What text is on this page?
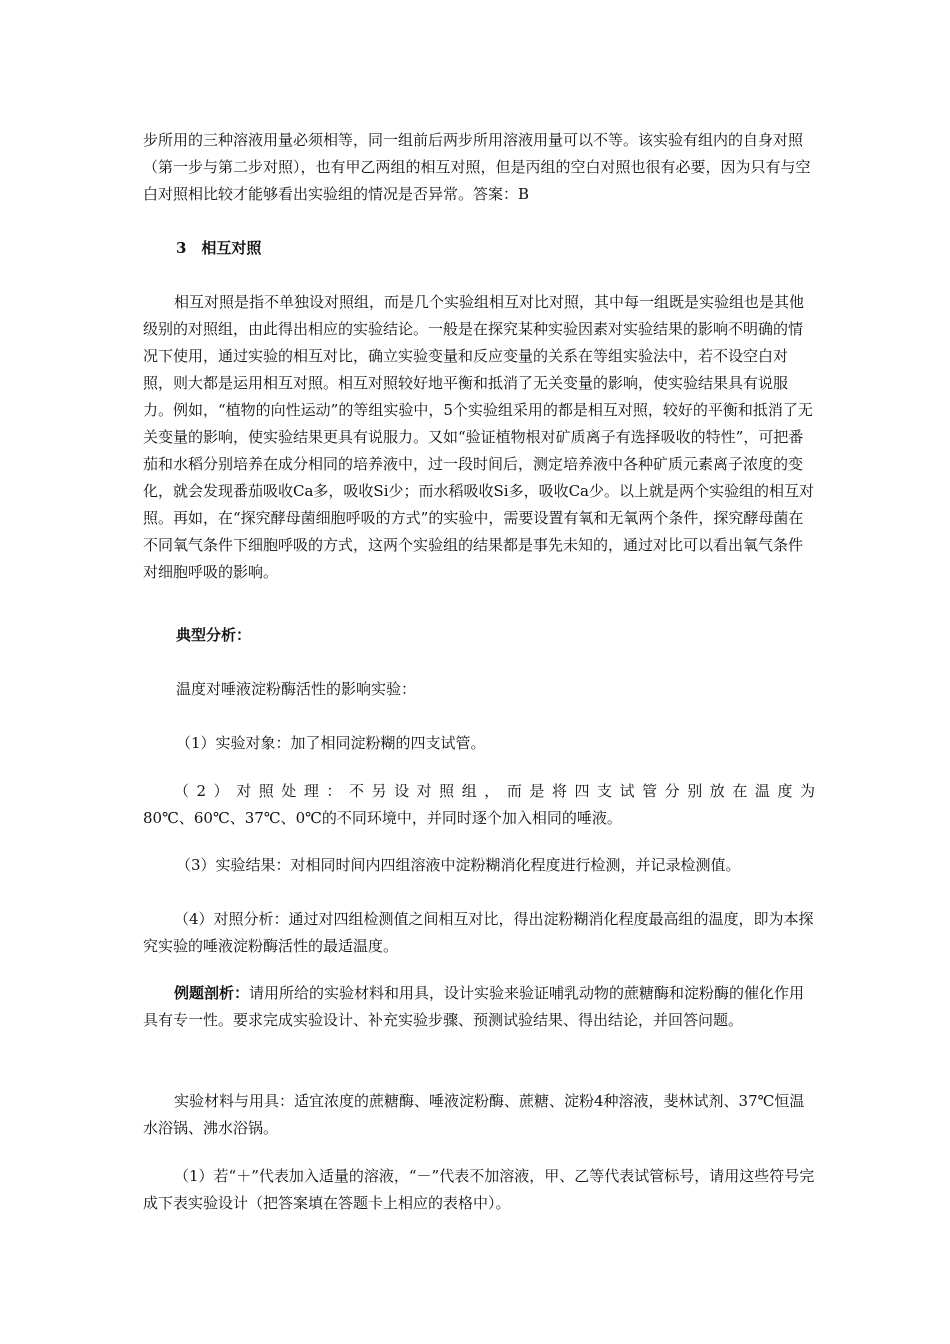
步所用的三种溶液用量必须相等，同一组前后两步所用溶液用量可以不等。该实验有组内的自身对照（第一步与第二步对照），也有甲乙两组的相互对照，但是丙组的空白对照也很有必要，因为只有与空白对照相比较才能够看出实验组的情况是否异常。答案：B

3　相互对照

相互对照是指不单独设对照组，而是几个实验组相互对比对照，其中每一组既是实验组也是其他级别的对照组，由此得出相应的实验结论。一般是在探究某种实验因素对实验结果的影响不明确的情况下使用，通过实验的相互对比，确立实验变量和反应变量的关系在等组实验法中，若不设空白对照，则大都是运用相互对照。相互对照较好地平衡和抵消了无关变量的影响，使实验结果具有说服力。例如，“植物的向性运动”的等组实验中，5个实验组采用的都是相互对照，较好的平衡和抵消了无关变量的影响，使实验结果更具有说服力。又如“验证植物根对矿质离子有选择吸收的特性”，可把番茄和水稻分别培养在成分相同的培养液中，过一段时间后，测定培养液中各种矿质元素离子浓度的变化，就会发现番茄吸收Ca多，吸收Si少；而水稻吸收Si多，吸收Ca少。以上就是两个实验组的相互对照。再如，在“探究酵母菌细胞呼吸的方式”的实验中，需要设置有氧和无氧两个条件，探究酵母菌在不同氧气条件下细胞呼吸的方式，这两个实验组的结果都是事先未知的，通过对比可以看出氧气条件对细胞呼吸的影响。

典型分析：

温度对唾液淀粉酶活性的影响实验：

（1）实验对象：加了相同淀粉糊的四支试管。

（2）对照处理：不另设对照组，而是将四支试管分别放在温度为
80℃、60℃、37℃、0℃的不同环境中，并同时逐个加入相同的唾液。

（3）实验结果：对相同时间内四组溶液中淀粉糊消化程度进行检测，并记录检测值。

（4）对照分析：通过对四组检测值之间相互对比，得出淀粉糊消化程度最高组的温度，即为本探究实验的唾液淀粉酶活性的最适温度。

例题剖析：请用所给的实验材料和用具，设计实验来验证哺乳动物的蔗糖酶和淀粉酶的催化作用具有专一性。要求完成实验设计、补充实验步骤、预测试验结果、得出结论，并回答问题。

实验材料与用具：适宜浓度的蔗糖酶、唾液淀粉酶、蔗糖、淀粉4种溶液，斐林试剂、37℃恒温水浴锅、沸水浴锅。

（1）若“＋”代表加入适量的溶液，“－”代表不加溶液，甲、乙等代表试管标号，请用这些符号完成下表实验设计（把答案填在答题卡上相应的表格中）。
